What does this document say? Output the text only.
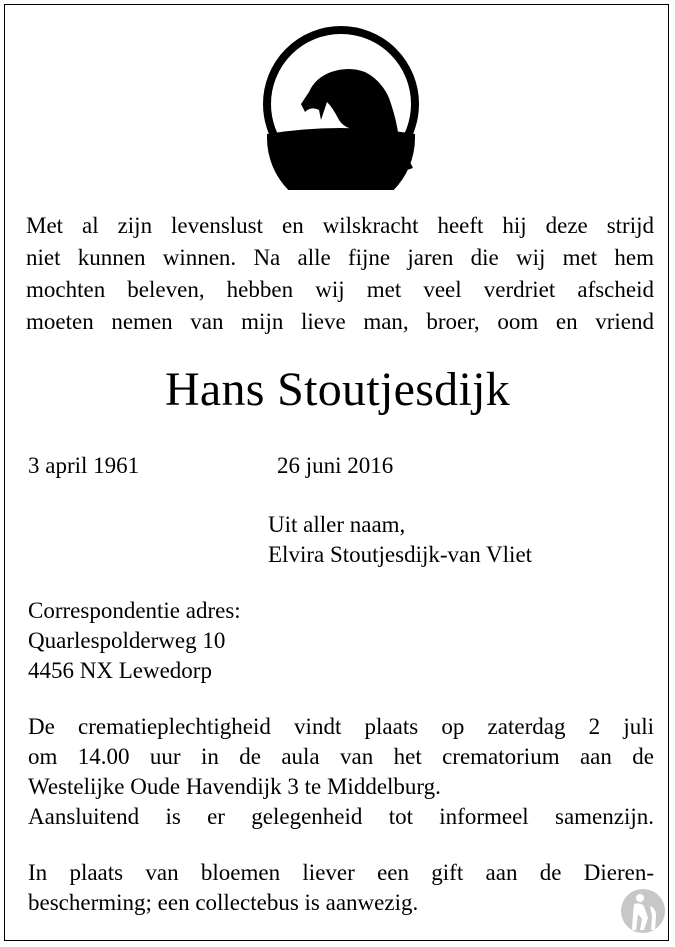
Met al zijn levenslust en wilskracht heeft hij deze strijd
niet kunnen winnen. Na alle fijne jaren die wij met hem
mochten beleven, hebben wij met veel verdriet afscheid
moeten nemen van mijn lieve man, broer, oom en vriend
Hans Stoutjesdijk
3 april 1961	26 juni 2016
Uit aller naam,
Elvira Stoutjesdijk-van Vliet
Correspondentie adres:
Quarlespolderweg 10
4456 NX Lewedorp
De crematieplechtigheid vindt plaats op zaterdag 2 juli
om 14.00 uur in de aula van het crematorium aan de
Westelijke Oude Havendijk 3 te Middelburg.
Aansluitend is er gelegenheid tot informeel samenzijn.
In plaats van bloemen liever een gift aan de Dieren-
bescherming; een collectebus is aanwezig.
